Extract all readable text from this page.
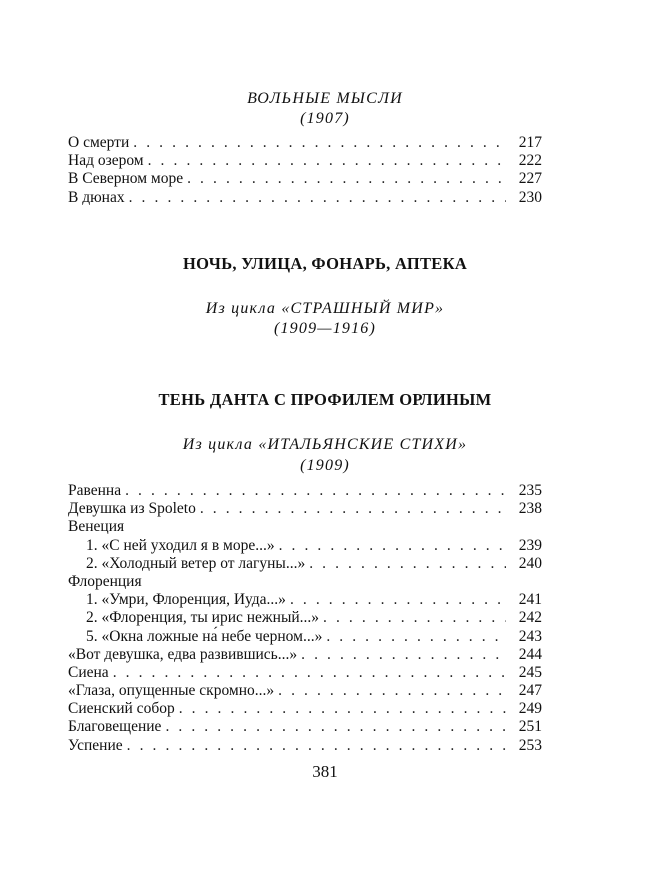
ВОЛЬНЫЕ МЫСЛИ
(1907)
О смерти . . .	217
Над озером . . .	222
В Северном море . . .	227
В дюнах . . .	230
НОЧЬ, УЛИЦА, ФОНАРЬ, АПТЕКА
Из цикла «СТРАШНЫЙ МИР»
(1909—1916)
ТЕНЬ ДАНТА С ПРОФИЛЕМ ОРЛИНЫМ
Из цикла «ИТАЛЬЯНСКИЕ СТИХИ»
(1909)
Равенна . . .	235
Девушка из Spoleto . . .	238
Венеция
1. «С ней уходил я в море...» . . .	239
2. «Холодный ветер от лагуны...» . . .	240
Флоренция
1. «Умри, Флоренция, Иуда...» . . .	241
2. «Флоренция, ты ирис нежный...» . . .	242
5. «Окна ложные на́ небе черном...» . . .	243
«Вот девушка, едва развившись...» . . .	244
Сиена . . .	245
«Глаза, опущенные скромно...» . . .	247
Сиенский собор . . .	249
Благовещение . . .	251
Успение . . .	253
381
